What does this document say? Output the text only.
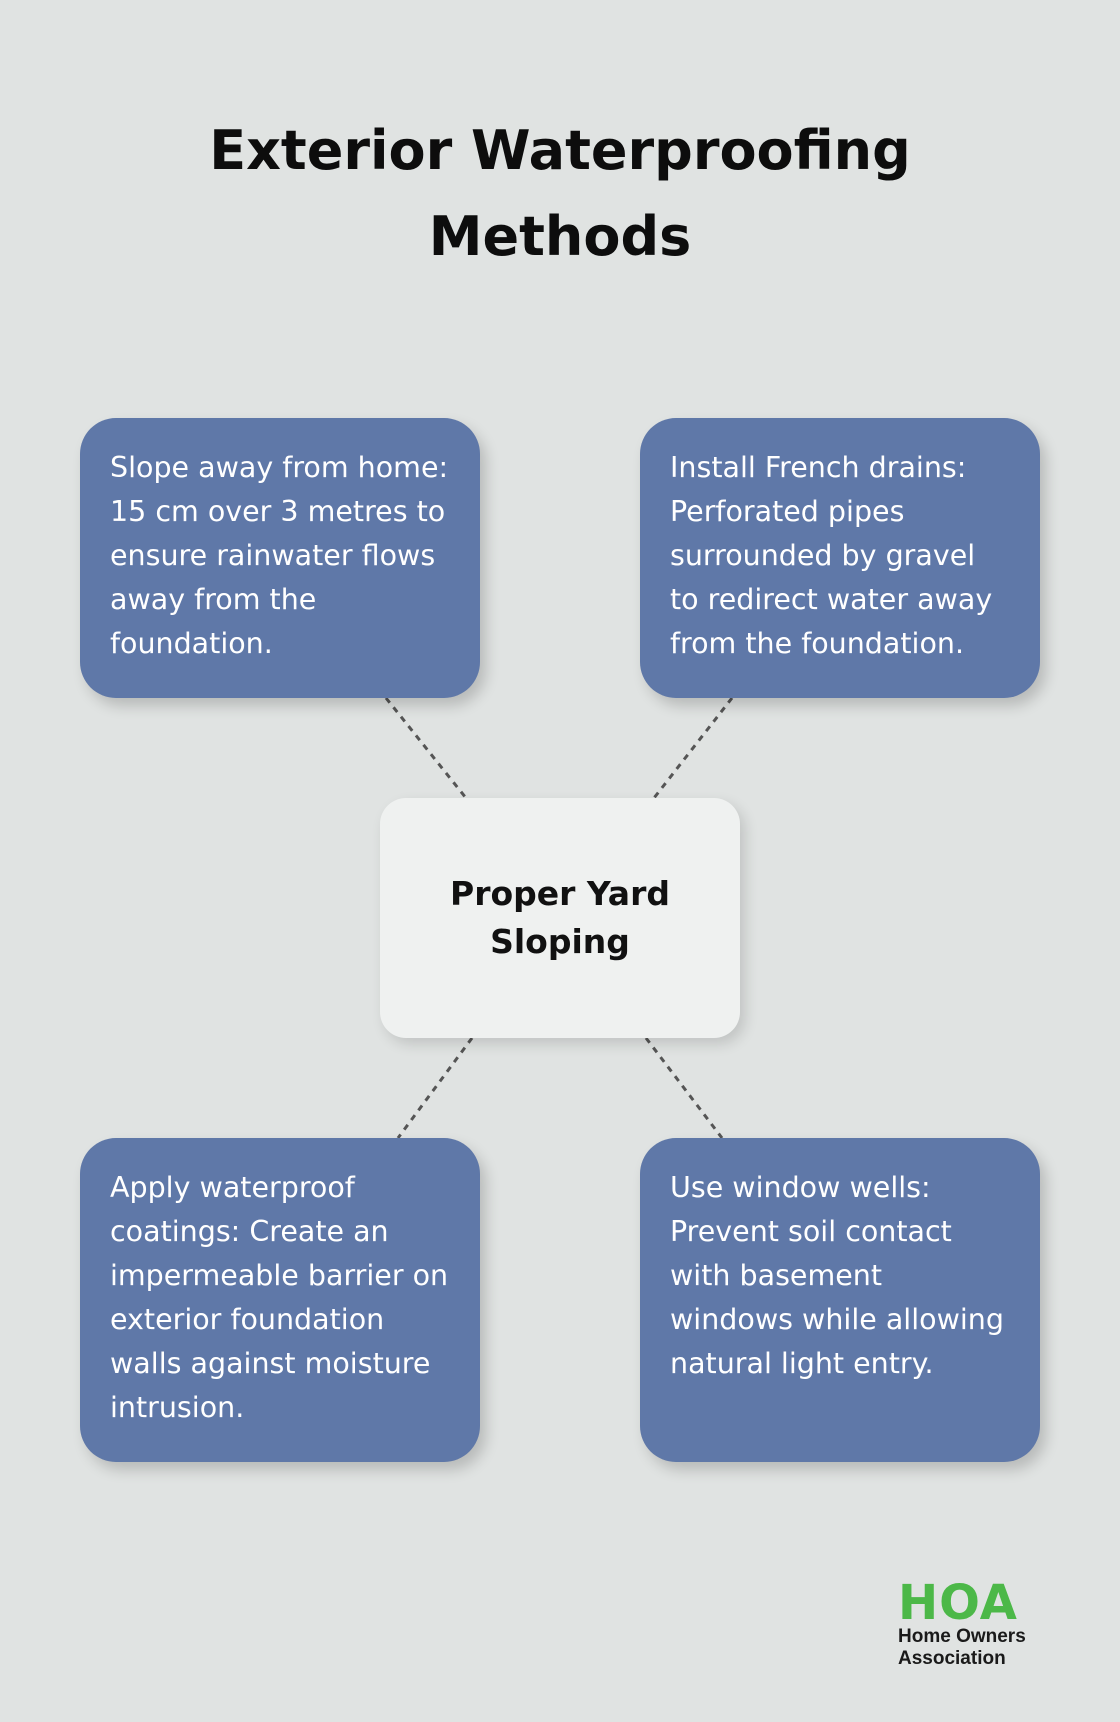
Exterior Waterproofing Methods
Slope away from home: 15 cm over 3 metres to ensure rainwater flows away from the foundation.
Install French drains: Perforated pipes surrounded by gravel to redirect water away from the foundation.
Proper Yard Sloping
Apply waterproof coatings: Create an impermeable barrier on exterior foundation walls against moisture intrusion.
Use window wells: Prevent soil contact with basement windows while allowing natural light entry.
HOA
Home Owners
Association
